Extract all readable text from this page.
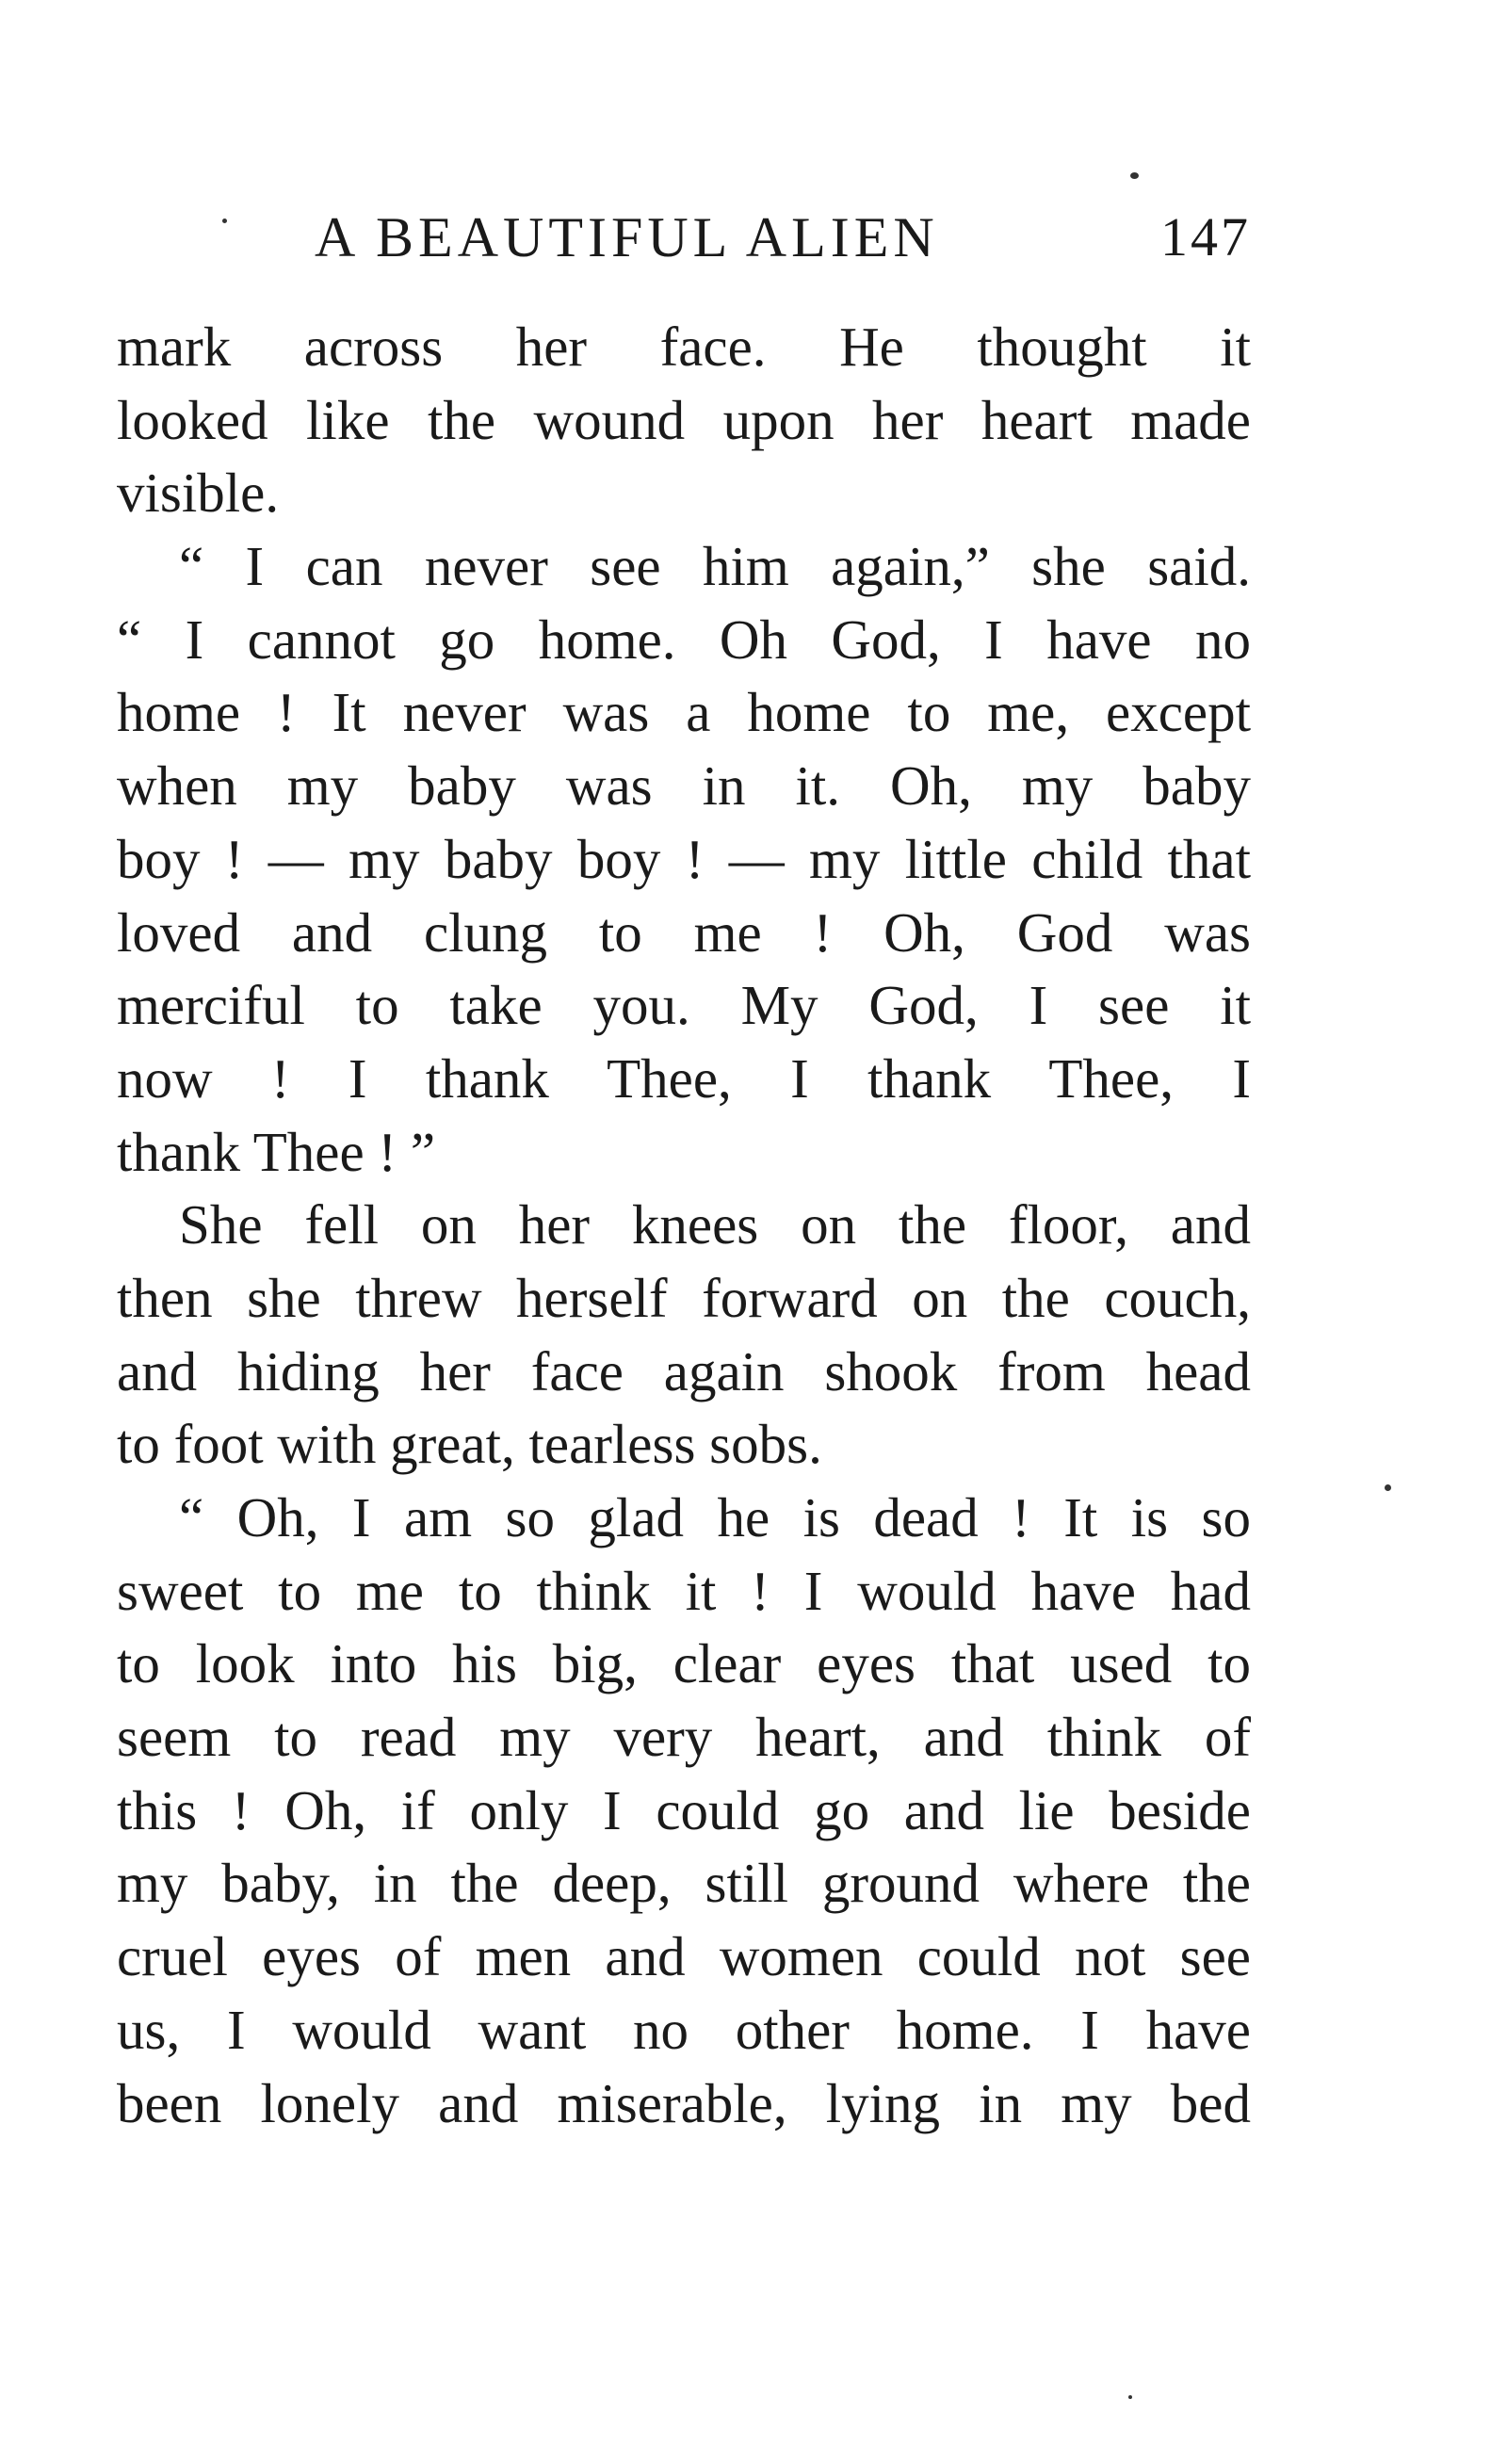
A BEAUTIFUL ALIEN	147
mark across her face. He thought it
looked like the wound upon her heart made
visible.
“ I can never see him again,” she said.
“ I cannot go home. Oh God, I have no
home ! It never was a home to me, except
when my baby was in it. Oh, my baby
boy ! — my baby boy ! — my little child that
loved and clung to me ! Oh, God was
merciful to take you. My God, I see it
now ! I thank Thee, I thank Thee, I
thank Thee ! ”
She fell on her knees on the floor, and
then she threw herself forward on the couch,
and hiding her face again shook from head
to foot with great, tearless sobs.
“ Oh, I am so glad he is dead ! It is so
sweet to me to think it ! I would have had
to look into his big, clear eyes that used to
seem to read my very heart, and think of
this ! Oh, if only I could go and lie beside
my baby, in the deep, still ground where the
cruel eyes of men and women could not see
us, I would want no other home. I have
been lonely and miserable, lying in my bed
